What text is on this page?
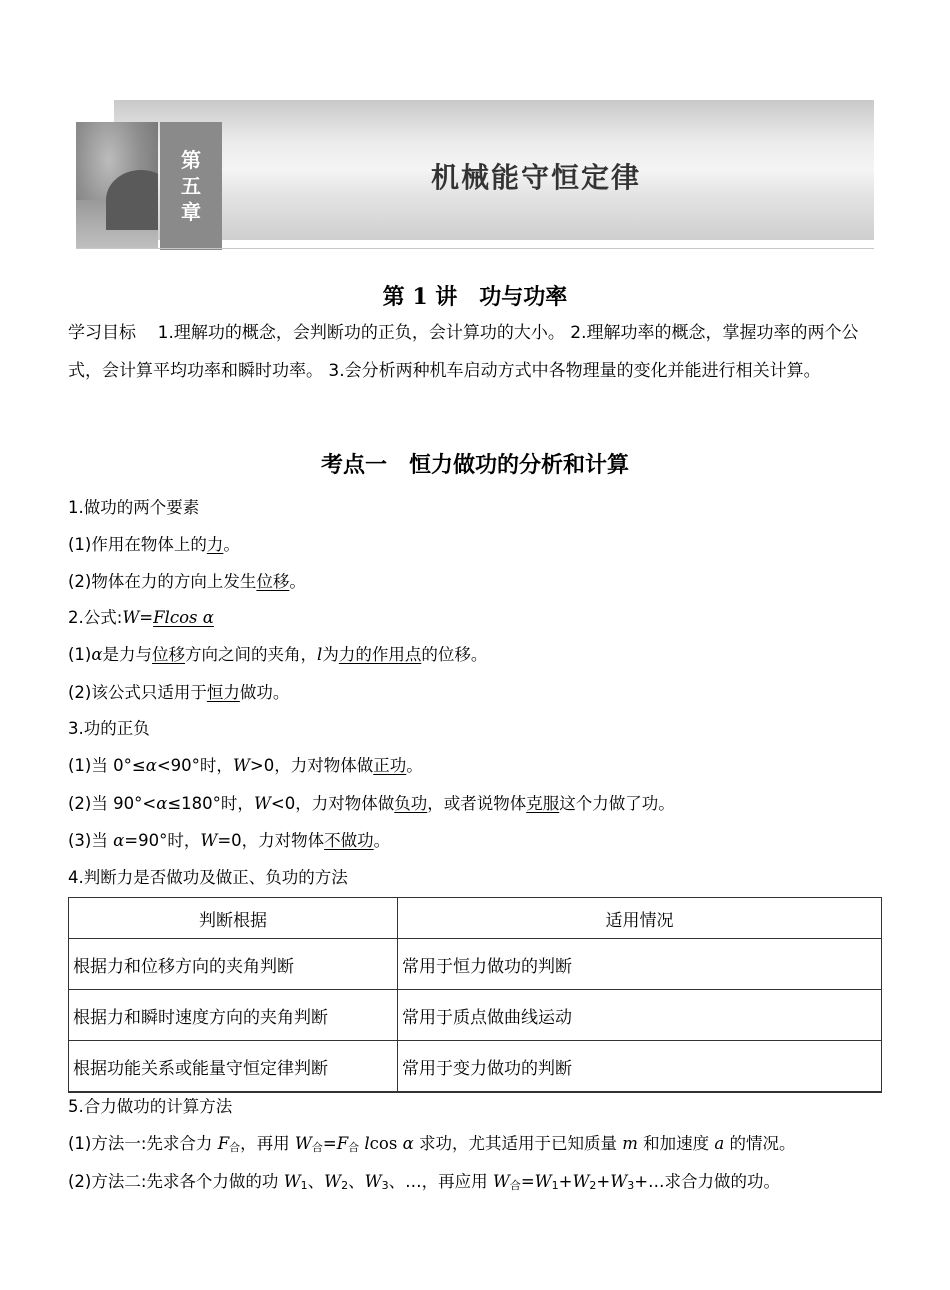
第
五
章
机械能守恒定律
第 1 讲　功与功率
学习目标 1.理解功的概念，会判断功的正负，会计算功的大小。 2.理解功率的概念，掌握功率的两个公式，会计算平均功率和瞬时功率。 3.会分析两种机车启动方式中各物理量的变化并能进行相关计算。
考点一　恒力做功的分析和计算
1.做功的两个要素
(1)作用在物体上的力。
(2)物体在力的方向上发生位移。
2.公式:W=Flcos α
(1)α是力与位移方向之间的夹角，l为力的作用点的位移。
(2)该公式只适用于恒力做功。
3.功的正负
(1)当 0°≤α<90°时，W>0，力对物体做正功。
(2)当 90°<α≤180°时，W<0，力对物体做负功，或者说物体克服这个力做了功。
(3)当 α=90°时，W=0，力对物体不做功。
4.判断力是否做功及做正、负功的方法
判断根据	适用情况
根据力和位移方向的夹角判断	常用于恒力做功的判断
根据力和瞬时速度方向的夹角判断	常用于质点做曲线运动
根据功能关系或能量守恒定律判断	常用于变力做功的判断
5.合力做功的计算方法
(1)方法一:先求合力 F合，再用 W合=F合 lcos α 求功，尤其适用于已知质量 m 和加速度 a 的情况。
(2)方法二:先求各个力做的功 W1、W2、W3、…，再应用 W合=W1+W2+W3+…求合力做的功。
